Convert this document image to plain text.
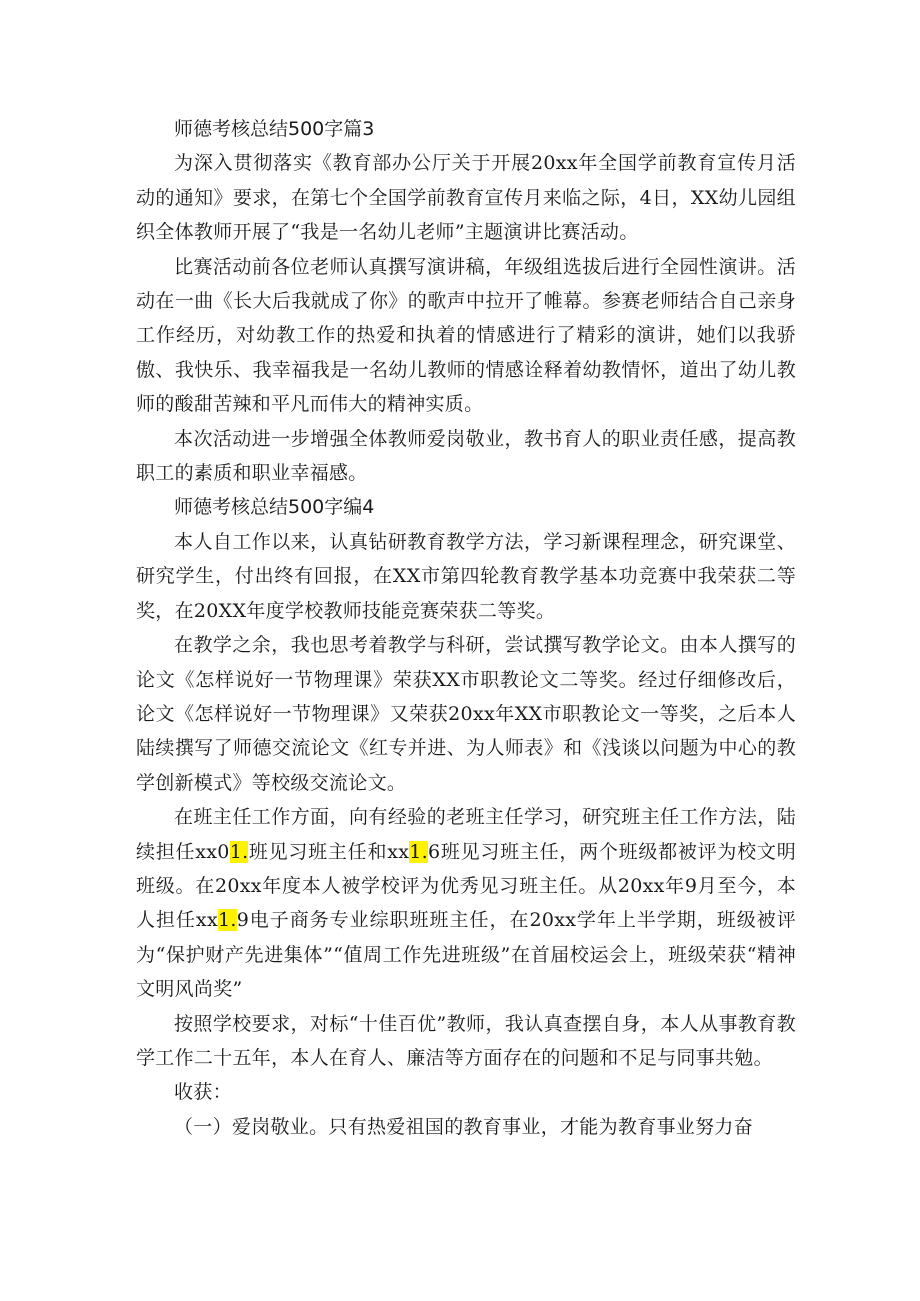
师德考核总结500字篇3

为深入贯彻落实《教育部办公厅关于开展20xx年全国学前教育宣传月活动的通知》要求，在第七个全国学前教育宣传月来临之际，4日，XX幼儿园组织全体教师开展了“我是一名幼儿老师”主题演讲比赛活动。

比赛活动前各位老师认真撰写演讲稿，年级组选拔后进行全园性演讲。活动在一曲《长大后我就成了你》的歌声中拉开了帷幕。参赛老师结合自己亲身工作经历，对幼教工作的热爱和执着的情感进行了精彩的演讲，她们以我骄傲、我快乐、我幸福我是一名幼儿教师的情感诠释着幼教情怀，道出了幼儿教师的酸甜苦辣和平凡而伟大的精神实质。

本次活动进一步增强全体教师爱岗敬业，教书育人的职业责任感，提高教职工的素质和职业幸福感。

师德考核总结500字编4

本人自工作以来，认真钻研教育教学方法，学习新课程理念，研究课堂、研究学生，付出终有回报，在XX市第四轮教育教学基本功竞赛中我荣获二等奖，在20XX年度学校教师技能竞赛荣获二等奖。

在教学之余，我也思考着教学与科研，尝试撰写教学论文。由本人撰写的论文《怎样说好一节物理课》荣获XX市职教论文二等奖。经过仔细修改后，论文《怎样说好一节物理课》又荣获20xx年XX市职教论文一等奖，之后本人陆续撰写了师德交流论文《红专并进、为人师表》和《浅谈以问题为中心的教学创新模式》等校级交流论文。

在班主任工作方面，向有经验的老班主任学习，研究班主任工作方法，陆续担任xx01.班见习班主任和xx1.6班见习班主任，两个班级都被评为校文明班级。在20xx年度本人被学校评为优秀见习班主任。从20xx年9月至今，本人担任xx1.9电子商务专业综职班班主任，在20xx学年上半学期，班级被评为“保护财产先进集体”“值周工作先进班级”在首届校运会上，班级荣获“精神文明风尚奖”

按照学校要求，对标“十佳百优”教师，我认真查摆自身，本人从事教育教学工作二十五年，本人在育人、廉洁等方面存在的问题和不足与同事共勉。

收获：

（一）爱岗敬业。只有热爱祖国的教育事业，才能为教育事业努力奋
